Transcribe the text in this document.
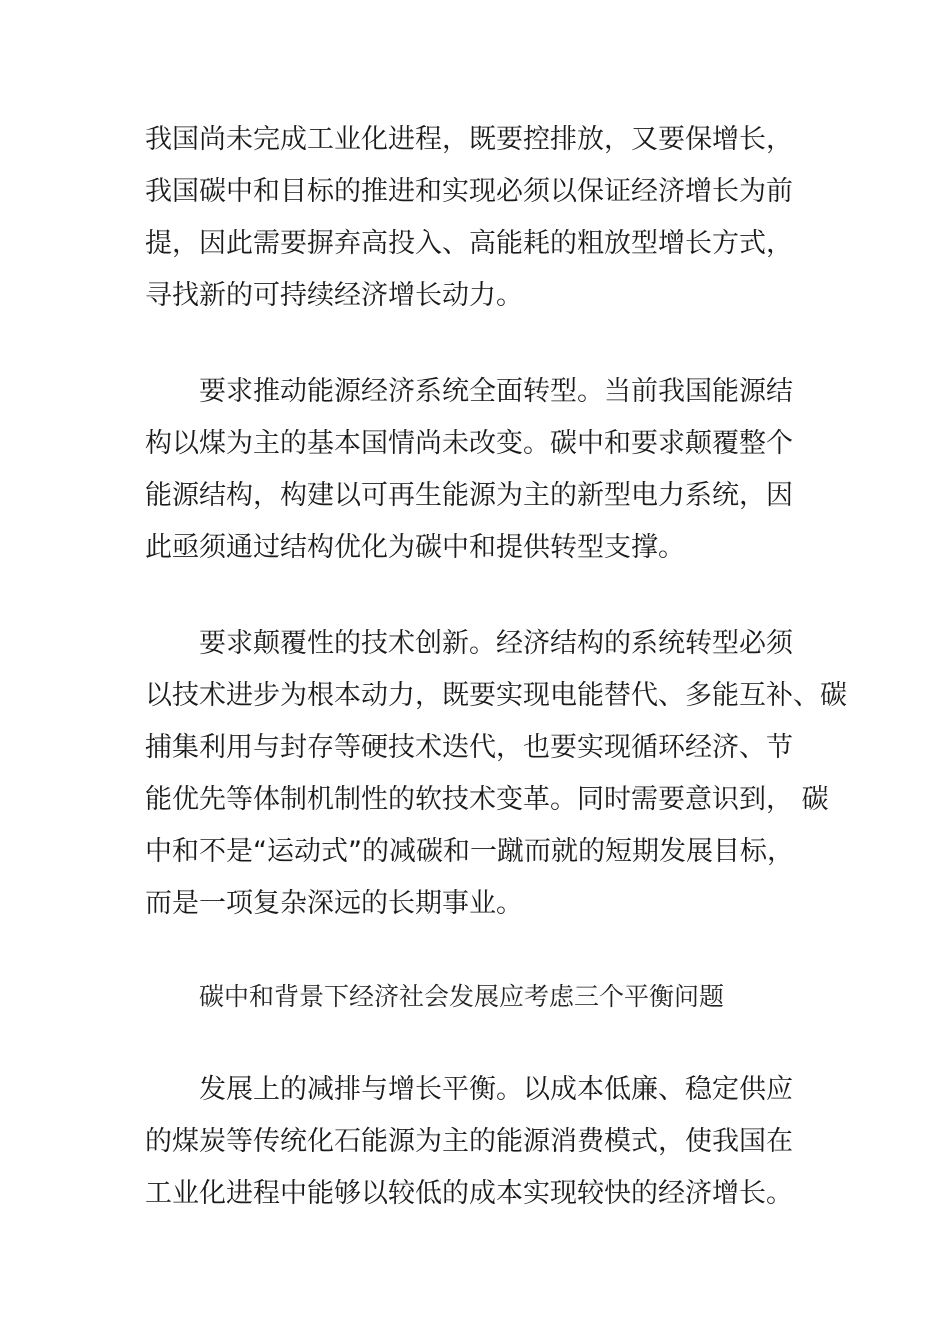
我国尚未完成工业化进程，既要控排放，又要保增长，

我国碳中和目标的推进和实现必须以保证经济增长为前

提，因此需要摒弃高投入、高能耗的粗放型增长方式，

寻找新的可持续经济增长动力。

要求推动能源经济系统全面转型。当前我国能源结

构以煤为主的基本国情尚未改变。碳中和要求颠覆整个

能源结构，构建以可再生能源为主的新型电力系统，因

此亟须通过结构优化为碳中和提供转型支撑。

要求颠覆性的技术创新。经济结构的系统转型必须

以技术进步为根本动力，既要实现电能替代、多能互补、碳

捕集利用与封存等硬技术迭代，也要实现循环经济、节

能优先等体制机制性的软技术变革。同时需要意识到， 碳

中和不是“运动式”的减碳和一蹴而就的短期发展目标，

而是一项复杂深远的长期事业。

碳中和背景下经济社会发展应考虑三个平衡问题

发展上的减排与增长平衡。以成本低廉、稳定供应

的煤炭等传统化石能源为主的能源消费模式，使我国在

工业化进程中能够以较低的成本实现较快的经济增长。
